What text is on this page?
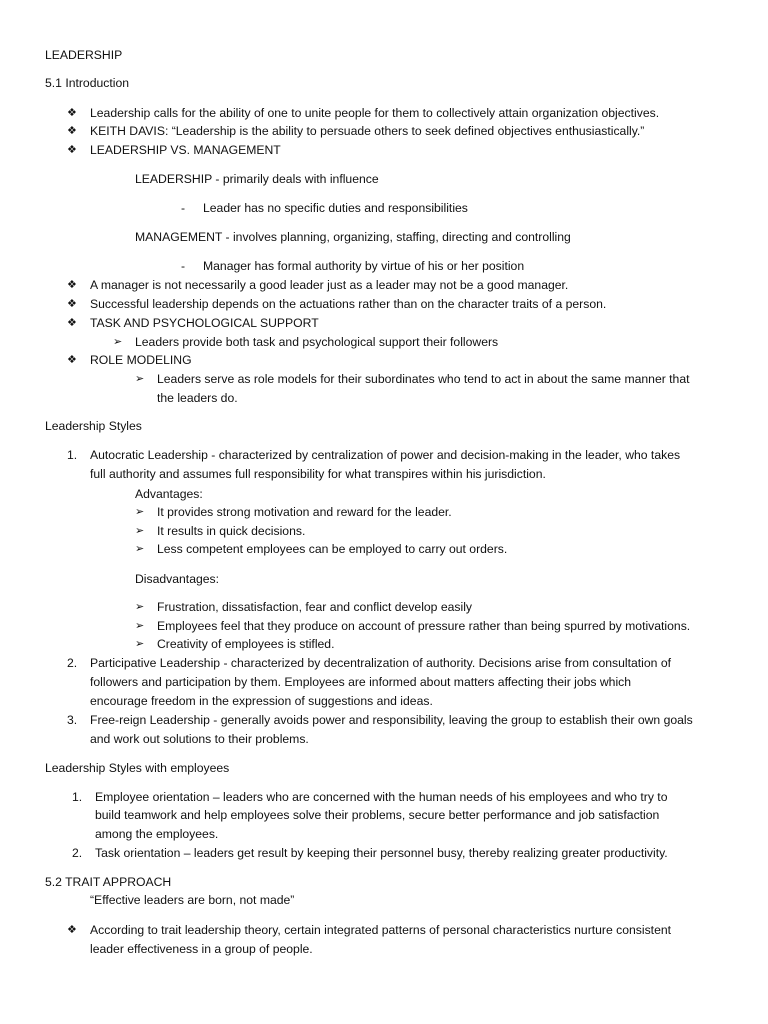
LEADERSHIP
5.1 Introduction
❖ Leadership calls for the ability of one to unite people for them to collectively attain organization objectives.
❖ KEITH DAVIS: “Leadership is the ability to persuade others to seek defined objectives enthusiastically.”
❖ LEADERSHIP VS. MANAGEMENT
LEADERSHIP - primarily deals with influence
- Leader has no specific duties and responsibilities
MANAGEMENT - involves planning, organizing, staffing, directing and controlling
- Manager has formal authority by virtue of his or her position
❖ A manager is not necessarily a good leader just as a leader may not be a good manager.
❖ Successful leadership depends on the actuations rather than on the character traits of a person.
❖ TASK AND PSYCHOLOGICAL SUPPORT
➢ Leaders provide both task and psychological support their followers
❖ ROLE MODELING
➢ Leaders serve as role models for their subordinates who tend to act in about the same manner that
the leaders do.
Leadership Styles
1. Autocratic Leadership - characterized by centralization of power and decision-making in the leader, who takes
full authority and assumes full responsibility for what transpires within his jurisdiction.
Advantages:
➢ It provides strong motivation and reward for the leader.
➢ It results in quick decisions.
➢ Less competent employees can be employed to carry out orders.
Disadvantages:
➢ Frustration, dissatisfaction, fear and conflict develop easily
➢ Employees feel that they produce on account of pressure rather than being spurred by motivations.
➢ Creativity of employees is stifled.
2. Participative Leadership - characterized by decentralization of authority. Decisions arise from consultation of
followers and participation by them. Employees are informed about matters affecting their jobs which
encourage freedom in the expression of suggestions and ideas.
3. Free-reign Leadership - generally avoids power and responsibility, leaving the group to establish their own goals
and work out solutions to their problems.
Leadership Styles with employees
1. Employee orientation – leaders who are concerned with the human needs of his employees and who try to
build teamwork and help employees solve their problems, secure better performance and job satisfaction
among the employees.
2. Task orientation – leaders get result by keeping their personnel busy, thereby realizing greater productivity.
5.2 TRAIT APPROACH
“Effective leaders are born, not made”
❖ According to trait leadership theory, certain integrated patterns of personal characteristics nurture consistent
leader effectiveness in a group of people.
